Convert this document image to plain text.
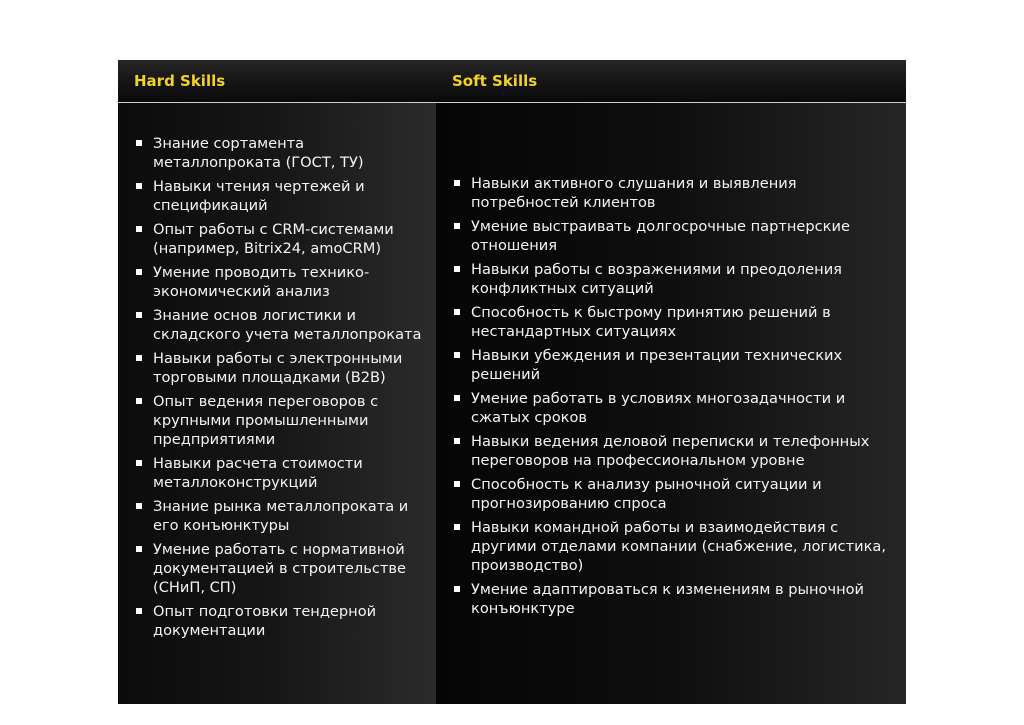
Hard Skills	Soft Skills
Знание сортамента металлопроката (ГОСТ, ТУ)
Навыки чтения чертежей и спецификаций
Опыт работы с CRM-системами (например, Bitrix24, amoCRM)
Умение проводить технико-экономический анализ
Знание основ логистики и складского учета металлопроката
Навыки работы с электронными торговыми площадками (B2B)
Опыт ведения переговоров с крупными промышленными предприятиями
Навыки расчета стоимости металлоконструкций
Знание рынка металлопроката и его конъюнктуры
Умение работать с нормативной документацией в строительстве (СНиП, СП)
Опыт подготовки тендерной документации
Навыки активного слушания и выявления потребностей клиентов
Умение выстраивать долгосрочные партнерские отношения
Навыки работы с возражениями и преодоления конфликтных ситуаций
Способность к быстрому принятию решений в нестандартных ситуациях
Навыки убеждения и презентации технических решений
Умение работать в условиях многозадачности и сжатых сроков
Навыки ведения деловой переписки и телефонных переговоров на профессиональном уровне
Способность к анализу рыночной ситуации и прогнозированию спроса
Навыки командной работы и взаимодействия с другими отделами компании (снабжение, логистика, производство)
Умение адаптироваться к изменениям в рыночной конъюнктуре
